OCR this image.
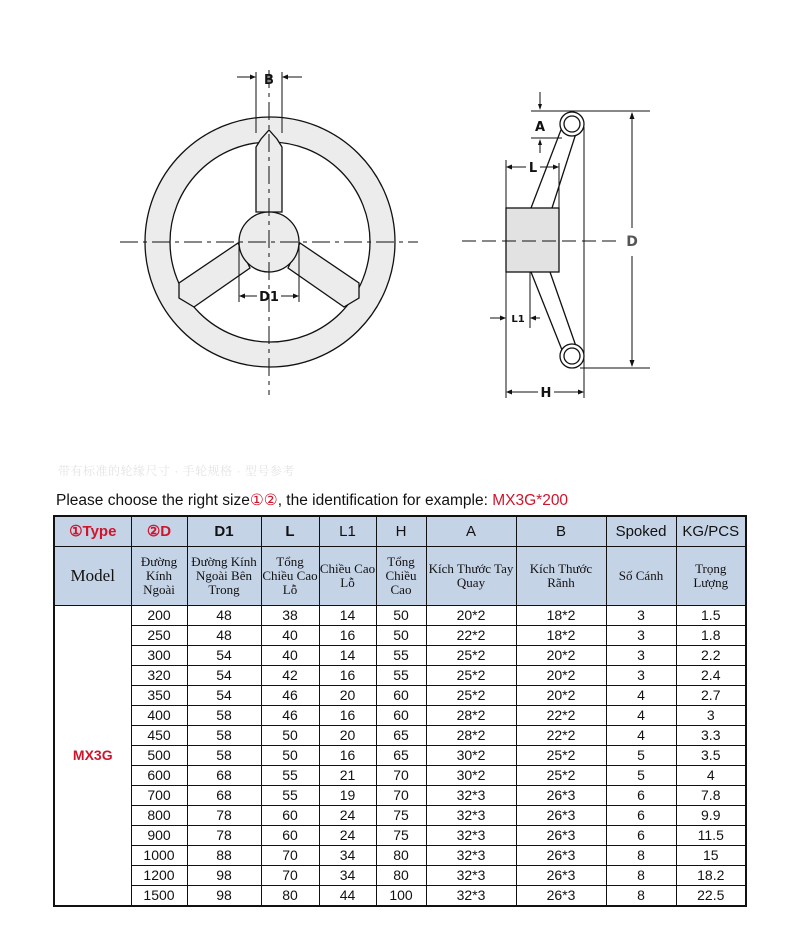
B
D1
A
L
D
L1
H
带有标准的轮缘尺寸 · 手轮规格 · 型号参考
Please choose the right size①②, the identification for example: MX3G*200
①Type	②D	D1	L	L1	H	A	B	Spoked	KG/PCS
Model	Đường Kính Ngoài	Đường Kính Ngoài Bên Trong	Tổng Chiều Cao Lỗ	Chiều Cao Lỗ	Tổng Chiều Cao	Kích Thước Tay Quay	Kích Thước Rãnh	Số Cánh	Trọng Lượng
MX3G	200	48	38	14	50	20*2	18*2	3	1.5
	250	48	40	16	50	22*2	18*2	3	1.8
	300	54	40	14	55	25*2	20*2	3	2.2
	320	54	42	16	55	25*2	20*2	3	2.4
	350	54	46	20	60	25*2	20*2	4	2.7
	400	58	46	16	60	28*2	22*2	4	3
	450	58	50	20	65	28*2	22*2	4	3.3
	500	58	50	16	65	30*2	25*2	5	3.5
	600	68	55	21	70	30*2	25*2	5	4
	700	68	55	19	70	32*3	26*3	6	7.8
	800	78	60	24	75	32*3	26*3	6	9.9
	900	78	60	24	75	32*3	26*3	6	11.5
	1000	88	70	34	80	32*3	26*3	8	15
	1200	98	70	34	80	32*3	26*3	8	18.2
	1500	98	80	44	100	32*3	26*3	8	22.5
